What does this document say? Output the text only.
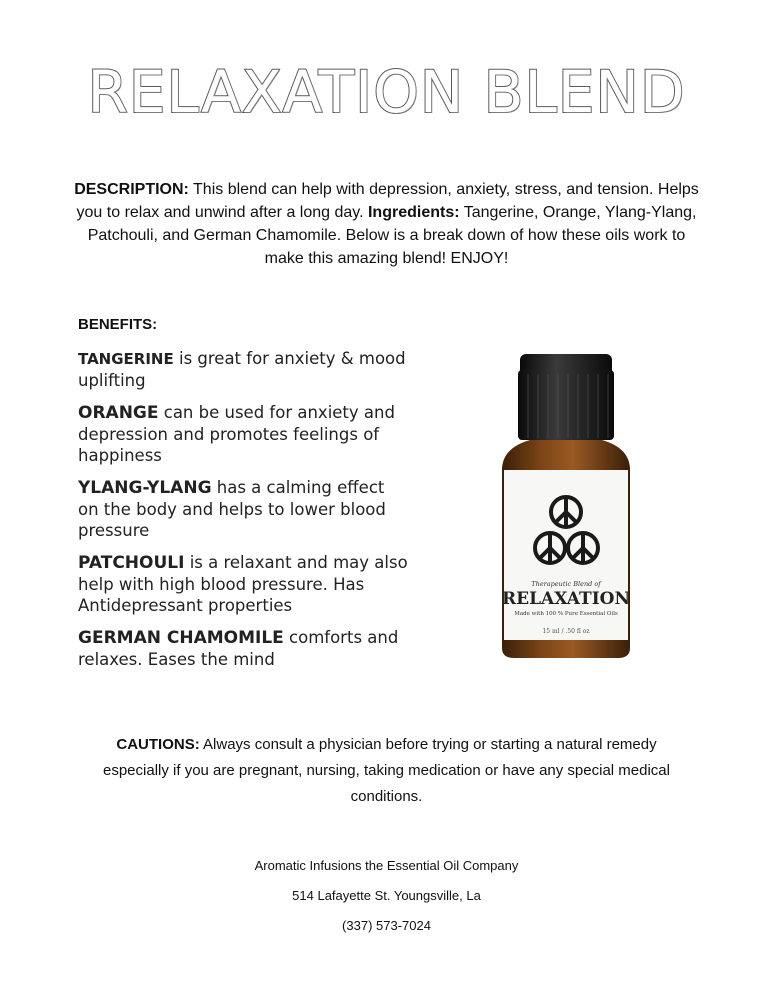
RELAXATION BLEND
DESCRIPTION: This blend can help with depression, anxiety, stress, and tension. Helps you to relax and unwind after a long day. Ingredients: Tangerine, Orange, Ylang-Ylang, Patchouli, and German Chamomile. Below is a break down of how these oils work to make this amazing blend! ENJOY!
BENEFITS:

TANGERINE is great for anxiety & mood uplifting

ORANGE can be used for anxiety and depression and promotes feelings of happiness

YLANG-YLANG has a calming effect on the body and helps to lower blood pressure

PATCHOULI is a relaxant and may also help with high blood pressure. Has Antidepressant properties

GERMAN CHAMOMILE comforts and relaxes. Eases the mind

Therapeutic Blend of
RELAXATION
Made with 100 % Pure Essential Oils
15 ml / .50 fl oz
CAUTIONS: Always consult a physician before trying or starting a natural remedy especially if you are pregnant, nursing, taking medication or have any special medical conditions.
Aromatic Infusions the Essential Oil Company
514 Lafayette St. Youngsville, La
(337) 573-7024
